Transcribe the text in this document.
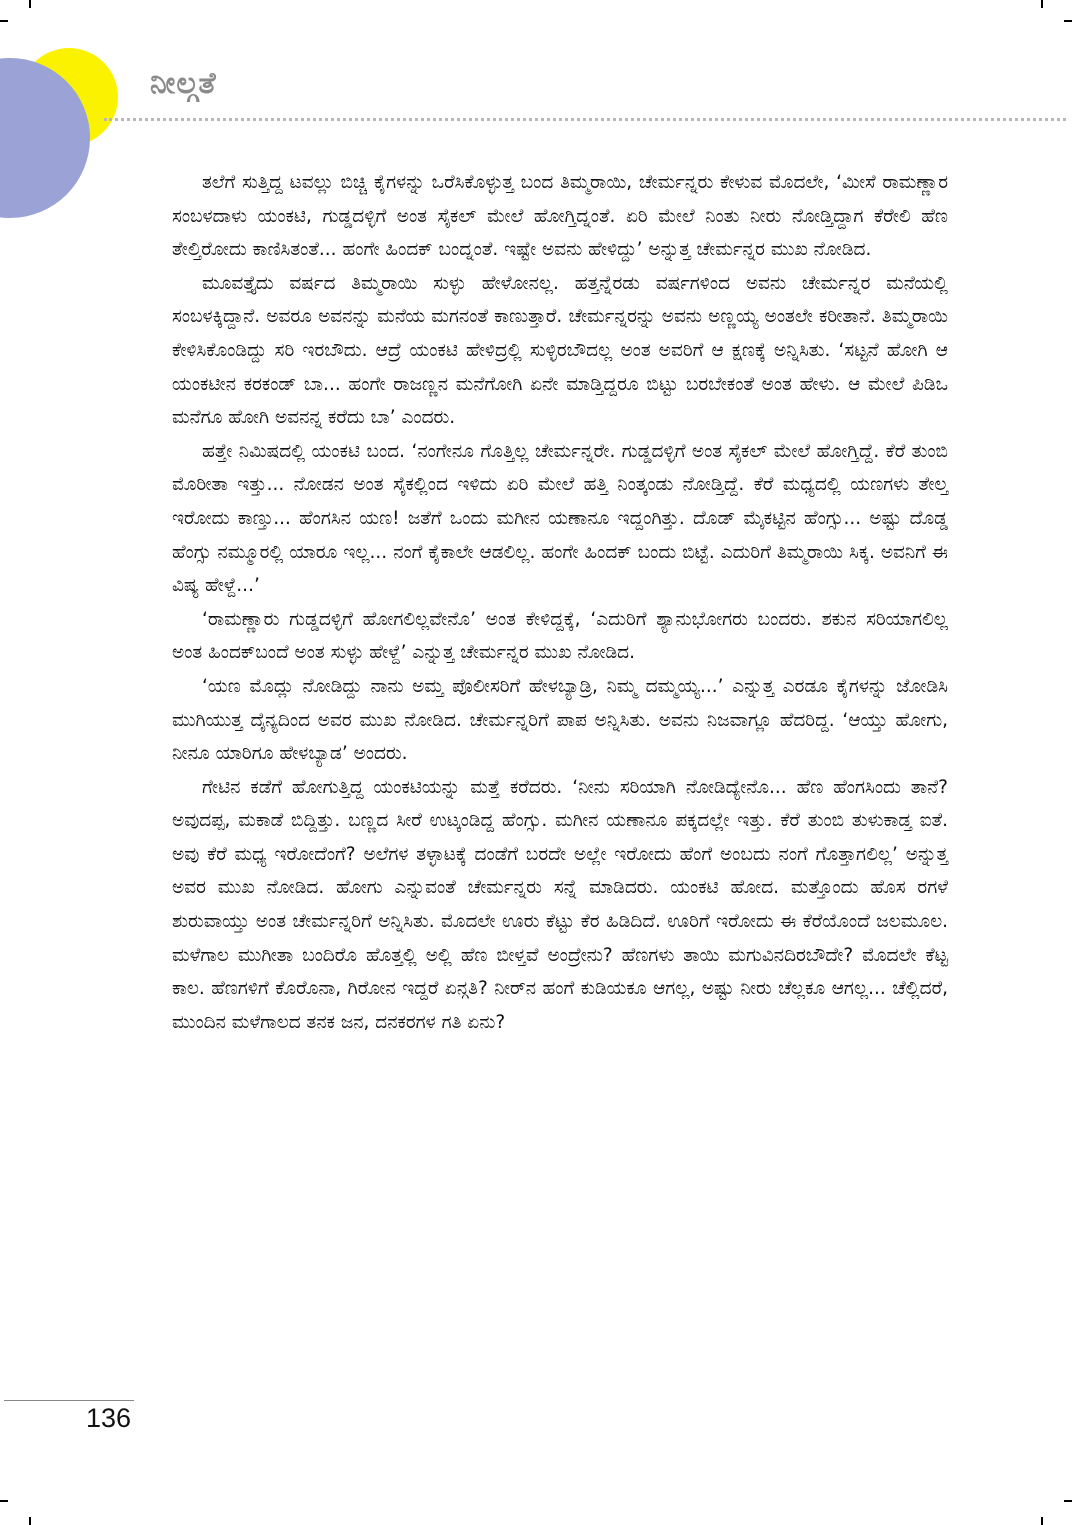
ನೀಲ್ಗತೆ

ತಲೆಗೆ ಸುತ್ತಿದ್ದ ಟವಲ್ಲು ಬಿಚ್ಚಿ ಕೈಗಳನ್ನು ಒರೆಸಿಕೊಳ್ಳುತ್ತ ಬಂದ ತಿಮ್ಮರಾಯಿ, ಚೇರ್ಮನ್ನರು ಕೇಳುವ ಮೊದಲೇ, ‘ಮೀಸೆ ರಾಮಣ್ಣಾರ ಸಂಬಳದಾಳು ಯಂಕಟಿ, ಗುಡ್ಡದಳ್ಳಿಗೆ ಅಂತ ಸೈಕಲ್ ಮೇಲೆ ಹೋಗ್ತಿದ್ನಂತೆ. ಏರಿ ಮೇಲೆ ನಿಂತು ನೀರು ನೋಡ್ತಿದ್ದಾಗ ಕೆರೇಲಿ ಹೆಣ ತೇಲ್ತಿರೋದು ಕಾಣಿಸಿತಂತೆ... ಹಂಗೇ ಹಿಂದಕ್ ಬಂದ್ನಂತೆ. ಇಷ್ಟೇ ಅವನು ಹೇಳಿದ್ದು’ ಅನ್ನುತ್ತ ಚೇರ್ಮನ್ನರ ಮುಖ ನೋಡಿದ.

ಮೂವತ್ತೈದು ವರ್ಷದ ತಿಮ್ಮರಾಯಿ ಸುಳ್ಳು ಹೇಳೋನಲ್ಲ. ಹತ್ತನ್ನೆರಡು ವರ್ಷಗಳಿಂದ ಅವನು ಚೇರ್ಮನ್ನರ ಮನೆಯಲ್ಲಿ ಸಂಬಳಕ್ಕಿದ್ದಾನೆ. ಅವರೂ ಅವನನ್ನು ಮನೆಯ ಮಗನಂತೆ ಕಾಣುತ್ತಾರೆ. ಚೇರ್ಮನ್ನರನ್ನು ಅವನು ಅಣ್ಣಯ್ಯ ಅಂತಲೇ ಕರೀತಾನೆ. ತಿಮ್ಮರಾಯಿ ಕೇಳಿಸಿಕೊಂಡಿದ್ದು ಸರಿ ಇರಬೌದು. ಆದ್ರೆ ಯಂಕಟಿ ಹೇಳಿದ್ರಲ್ಲಿ ಸುಳ್ಳಿರಬೌದಲ್ಲ ಅಂತ ಅವರಿಗೆ ಆ ಕ್ಷಣಕ್ಕೆ ಅನ್ನಿಸಿತು. ‘ಸಟ್ಟನೆ ಹೋಗಿ ಆ ಯಂಕಟೀನ ಕರಕಂಡ್ ಬಾ... ಹಂಗೇ ರಾಜಣ್ಣನ ಮನೆಗೋಗಿ ಏನೇ ಮಾಡ್ತಿದ್ದರೂ ಬಿಟ್ಟು ಬರಬೇಕಂತೆ ಅಂತ ಹೇಳು. ಆ ಮೇಲೆ ಪಿಡಿಒ ಮನೆಗೂ ಹೋಗಿ ಅವನನ್ನ ಕರೆದು ಬಾ’ ಎಂದರು.

ಹತ್ತೇ ನಿಮಿಷದಲ್ಲಿ ಯಂಕಟಿ ಬಂದ. ‘ನಂಗೇನೂ ಗೊತ್ತಿಲ್ಲ ಚೇರ್ಮನ್ನರೇ. ಗುಡ್ಡದಳ್ಳಿಗೆ ಅಂತ ಸೈಕಲ್ ಮೇಲೆ ಹೋಗ್ತಿದ್ದೆ. ಕೆರೆ ತುಂಬಿ ಮೊರೀತಾ ಇತ್ತು... ನೋಡನ ಅಂತ ಸೈಕಲ್ಲಿಂದ ಇಳಿದು ಏರಿ ಮೇಲೆ ಹತ್ತಿ ನಿಂತ್ಕಂಡು ನೋಡ್ತಿದ್ದೆ. ಕೆರೆ ಮಧ್ಯದಲ್ಲಿ ಯಣಗಳು ತೇಲ್ತ ಇರೋದು ಕಾಣ್ತು... ಹೆಂಗಸಿನ ಯಣ! ಜತೆಗೆ ಒಂದು ಮಗೀನ ಯಣಾನೂ ಇದ್ದಂಗಿತ್ತು. ದೊಡ್ ಮೈಕಟ್ಟಿನ ಹೆಂಗ್ಸು... ಅಷ್ಟು ದೊಡ್ಡ ಹೆಂಗ್ಸು ನಮ್ಮೂರಲ್ಲಿ ಯಾರೂ ಇಲ್ಲ... ನಂಗೆ ಕೈಕಾಲೇ ಆಡಲಿಲ್ಲ. ಹಂಗೇ ಹಿಂದಕ್ ಬಂದು ಬಿಟ್ಟೆ. ಎದುರಿಗೆ ತಿಮ್ಮರಾಯಿ ಸಿಕ್ಕ. ಅವನಿಗೆ ಈ ವಿಷ್ಯ ಹೇಳ್ದೆ...’

‘ರಾಮಣ್ಣಾರು ಗುಡ್ಡದಳ್ಳಿಗೆ ಹೋಗಲಿಲ್ಲವೇನೊ’ ಅಂತ ಕೇಳಿದ್ದಕ್ಕೆ, ‘ಎದುರಿಗೆ ಶ್ಯಾನುಭೋಗರು ಬಂದರು. ಶಕುನ ಸರಿಯಾಗಲಿಲ್ಲ ಅಂತ ಹಿಂದಕ್‌ಬಂದೆ ಅಂತ ಸುಳ್ಳು ಹೇಳ್ದೆ’ ಎನ್ನುತ್ತ ಚೇರ್ಮನ್ನರ ಮುಖ ನೋಡಿದ.

‘ಯಣ ಮೊದ್ಲು ನೋಡಿದ್ದು ನಾನು ಅಮ್ತ ಪೊಲೀಸರಿಗೆ ಹೇಳಬ್ಯಾಡ್ರಿ, ನಿಮ್ಮ ದಮ್ಮಯ್ಯ...’ ಎನ್ನುತ್ತ ಎರಡೂ ಕೈಗಳನ್ನು ಜೋಡಿಸಿ ಮುಗಿಯುತ್ತ ದೈನ್ಯದಿಂದ ಅವರ ಮುಖ ನೋಡಿದ. ಚೇರ್ಮನ್ನರಿಗೆ ಪಾಪ ಅನ್ನಿಸಿತು. ಅವನು ನಿಜವಾಗ್ಲೂ ಹೆದರಿದ್ದ. ‘ಆಯ್ತು ಹೋಗು, ನೀನೂ ಯಾರಿಗೂ ಹೇಳಬ್ಯಾಡ’ ಅಂದರು.

ಗೇಟಿನ ಕಡೆಗೆ ಹೋಗುತ್ತಿದ್ದ ಯಂಕಟಿಯನ್ನು ಮತ್ತೆ ಕರೆದರು. ‘ನೀನು ಸರಿಯಾಗಿ ನೋಡಿದ್ಯೇನೊ... ಹೆಣ ಹೆಂಗಸಿಂದು ತಾನೆ? ಅವುದಪ್ಪ, ಮಕಾಡೆ ಬಿದ್ದಿತ್ತು. ಬಣ್ಣದ ಸೀರೆ ಉಟ್ಕಂಡಿದ್ದ ಹೆಂಗ್ಸು. ಮಗೀನ ಯಣಾನೂ ಪಕ್ಕದಲ್ಲೇ ಇತ್ತು. ಕೆರೆ ತುಂಬಿ ತುಳುಕಾಡ್ತ ಐತೆ. ಅವು ಕೆರೆ ಮಧ್ಯ ಇರೋದೆಂಗೆ? ಅಲೆಗಳ ತಳ್ಳಾಟಕ್ಕೆ ದಂಡೆಗೆ ಬರದೇ ಅಲ್ಲೇ ಇರೋದು ಹೆಂಗೆ ಅಂಬದು ನಂಗೆ ಗೊತ್ತಾಗಲಿಲ್ಲ’ ಅನ್ನುತ್ತ ಅವರ ಮುಖ ನೋಡಿದ. ಹೋಗು ಎನ್ನುವಂತೆ ಚೇರ್ಮನ್ನರು ಸನ್ನೆ ಮಾಡಿದರು. ಯಂಕಟಿ ಹೋದ. ಮತ್ತೊಂದು ಹೊಸ ರಗಳೆ ಶುರುವಾಯ್ತು ಅಂತ ಚೇರ್ಮನ್ನರಿಗೆ ಅನ್ನಿಸಿತು. ಮೊದಲೇ ಊರು ಕೆಟ್ಟು ಕೆರ ಹಿಡಿದಿದೆ. ಊರಿಗೆ ಇರೋದು ಈ ಕೆರೆಯೊಂದೆ ಜಲಮೂಲ. ಮಳೆಗಾಲ ಮುಗೀತಾ ಬಂದಿರೊ ಹೊತ್ತಲ್ಲಿ ಅಲ್ಲಿ ಹೆಣ ಬೀಳ್ತವೆ ಅಂದ್ರೇನು? ಹೆಣಗಳು ತಾಯಿ ಮಗುವಿನದಿರಬೌದೇ? ಮೊದಲೇ ಕೆಟ್ಟ ಕಾಲ. ಹೆಣಗಳಿಗೆ ಕೊರೊನಾ, ಗಿರೋನ ಇದ್ದರೆ ಏನ್ಗತಿ? ನೀರ್‌ನ ಹಂಗೆ ಕುಡಿಯಕೂ ಆಗಲ್ಲ, ಅಷ್ಟು ನೀರು ಚೆಲ್ಲಕೂ ಆಗಲ್ಲ... ಚೆಲ್ಲಿದರೆ, ಮುಂದಿನ ಮಳೆಗಾಲದ ತನಕ ಜನ, ದನಕರಗಳ ಗತಿ ಏನು?

136
